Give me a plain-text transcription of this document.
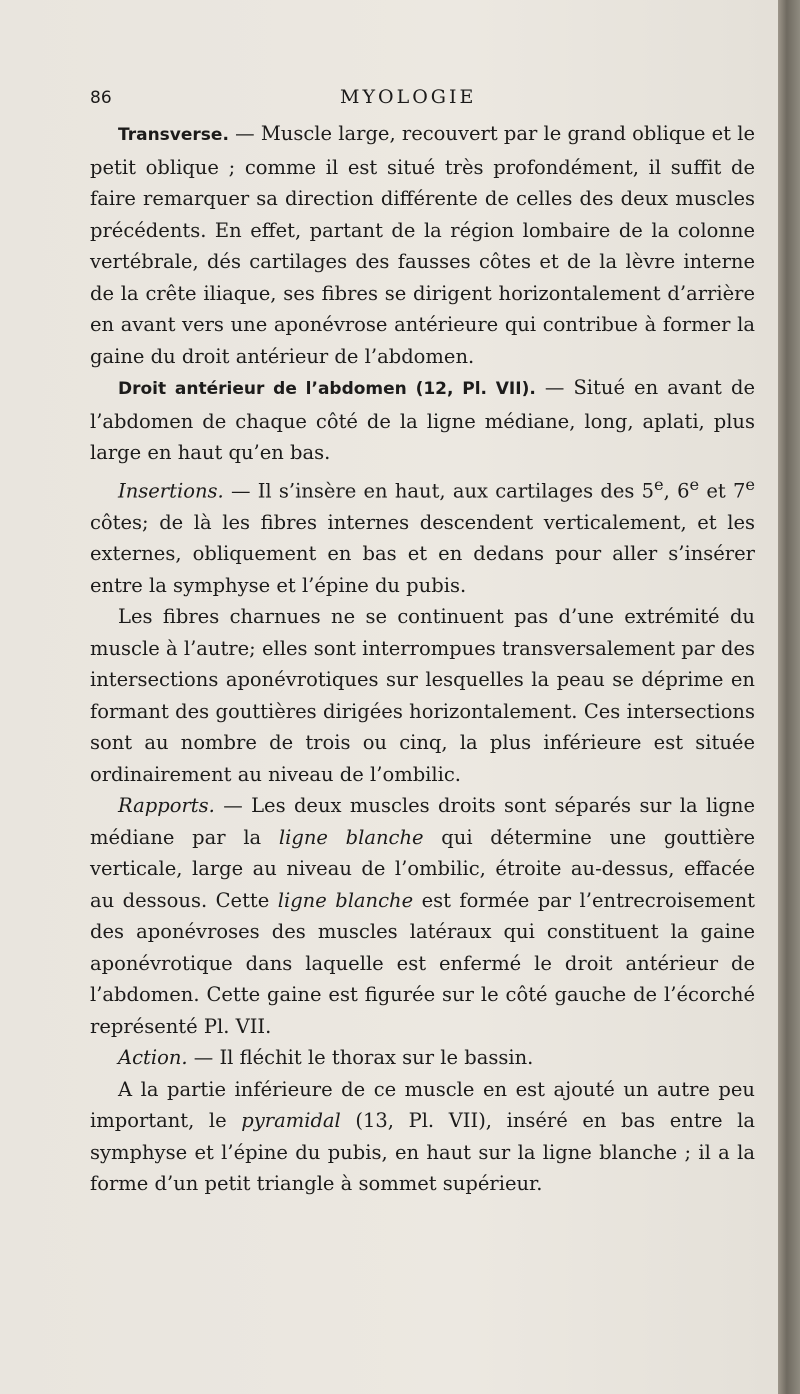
86	MYOLOGIE

Transverse. — Muscle large, recouvert par le grand oblique et le petit oblique ; comme il est situé très profondément, il suffit de faire remarquer sa direction différente de celles des deux muscles précédents. En effet, partant de la région lombaire de la colonne vertébrale, dés cartilages des fausses côtes et de la lèvre interne de la crête iliaque, ses fibres se dirigent horizontalement d’arrière en avant vers une aponévrose antérieure qui contribue à former la gaine du droit antérieur de l’abdomen.

Droit antérieur de l’abdomen (12, Pl. VII). — Situé en avant de l’abdomen de chaque côté de la ligne médiane, long, aplati, plus large en haut qu’en bas.

Insertions. — Il s’insère en haut, aux cartilages des 5e, 6e et 7e côtes; de là les fibres internes descendent verticalement, et les externes, obliquement en bas et en dedans pour aller s’insérer entre la symphyse et l’épine du pubis.

Les fibres charnues ne se continuent pas d’une extrémité du muscle à l’autre; elles sont interrompues transversalement par des intersections aponévrotiques sur lesquelles la peau se déprime en formant des gouttières dirigées horizontalement. Ces intersections sont au nombre de trois ou cinq, la plus inférieure est située ordinairement au niveau de l’ombilic.

Rapports. — Les deux muscles droits sont séparés sur la ligne médiane par la ligne blanche qui détermine une gouttière verticale, large au niveau de l’ombilic, étroite au-dessus, effacée au dessous. Cette ligne blanche est formée par l’entrecroisement des aponévroses des muscles latéraux qui constituent la gaine aponévrotique dans laquelle est enfermé le droit antérieur de l’abdomen. Cette gaine est figurée sur le côté gauche de l’écorché représenté Pl. VII.

Action. — Il fléchit le thorax sur le bassin.

A la partie inférieure de ce muscle en est ajouté un autre peu important, le pyramidal (13, Pl. VII), inséré en bas entre la symphyse et l’épine du pubis, en haut sur la ligne blanche ; il a la forme d’un petit triangle à sommet supérieur.
